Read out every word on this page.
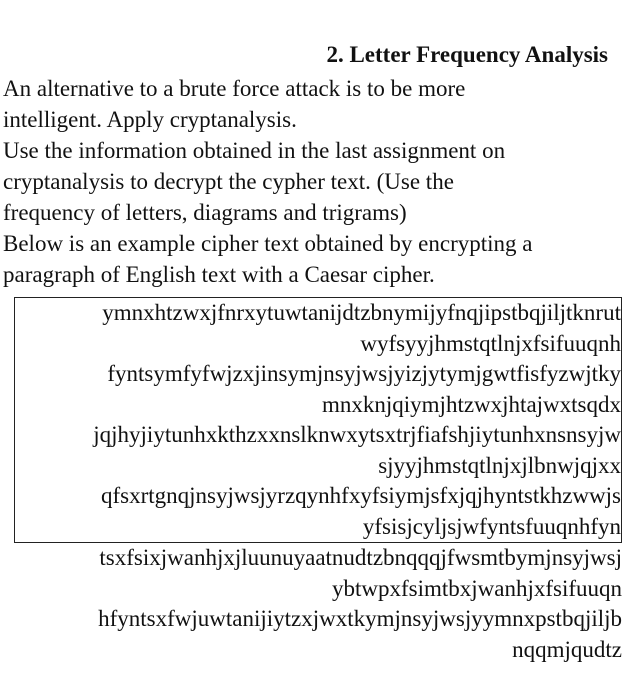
2. Letter Frequency Analysis

An alternative to a brute force attack is to be more

intelligent. Apply cryptanalysis.

Use the information obtained in the last assignment on

cryptanalysis to decrypt the cypher text. (Use the

frequency of letters, diagrams and trigrams)

Below is an example cipher text obtained by encrypting a

paragraph of English text with a Caesar cipher.

ymnxhtzwxjfnrxytuwtanijdtzbnymijyfnqjipstbqjiljtknrut
wyfsyyjhmstqtlnjxfsifuuqnh
fyntsymfyfwjzxjinsymjnsyjwsjyizjytymjgwtfisfyzwjtky
mnxknjqiymjhtzwxjhtajwxtsqdx
jqjhyjiytunhxkthzxxnslknwxytsxtrjfiafshjiytunhxnsnsyjw
sjyyjhmstqtlnjxjlbnwjqjxx
qfsxrtgnqjnsyjwsjyrzqynhfxyfsiymjsfxjqjhyntstkhzwwjs
yfsisjcyljsjwfyntsfuuqnhfyn
tsxfsixjwanhjxjluunuyaatnudtzbnqqqjfwsmtbymjnsyjwsj
ybtwpxfsimtbxjwanhjxfsifuuqn
hfyntsxfwjuwtanijiytzxjwxtkymjnsyjwsjyymnxpstbqjiljb
nqqmjqudtz
